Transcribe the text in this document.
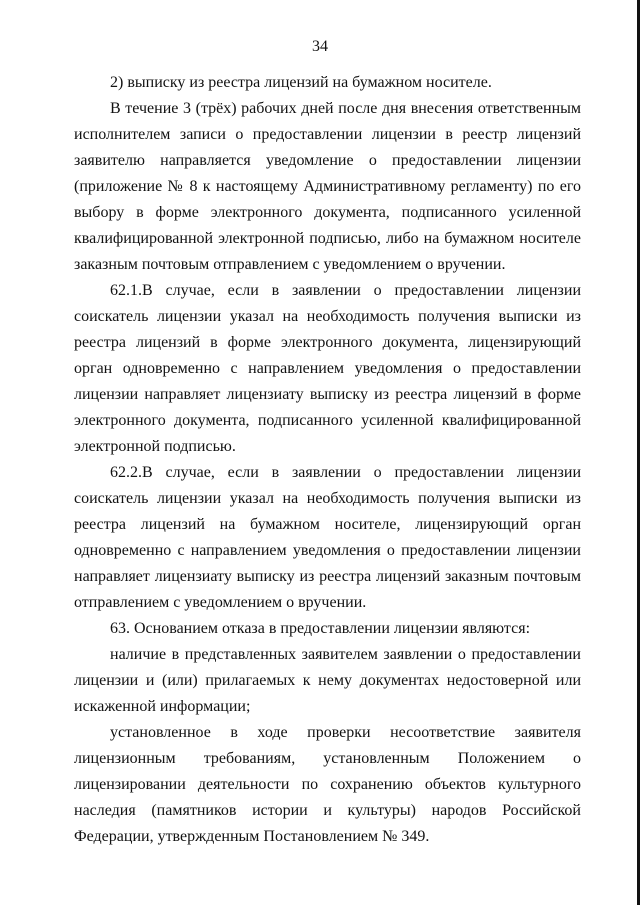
34

2) выписку из реестра лицензий на бумажном носителе.

В течение 3 (трёх) рабочих дней после дня внесения ответственным исполнителем записи о предоставлении лицензии в реестр лицензий заявителю направляется уведомление о предоставлении лицензии (приложение № 8 к настоящему Административному регламенту) по его выбору в форме электронного документа, подписанного усиленной квалифицированной электронной подписью, либо на бумажном носителе заказным почтовым отправлением с уведомлением о вручении.

62.1.В случае, если в заявлении о предоставлении лицензии соискатель лицензии указал на необходимость получения выписки из реестра лицензий в форме электронного документа, лицензирующий орган одновременно с направлением уведомления о предоставлении лицензии направляет лицензиату выписку из реестра лицензий в форме электронного документа, подписанного усиленной квалифицированной электронной подписью.

62.2.В случае, если в заявлении о предоставлении лицензии соискатель лицензии указал на необходимость получения выписки из реестра лицензий на бумажном носителе, лицензирующий орган одновременно с направлением уведомления о предоставлении лицензии направляет лицензиату выписку из реестра лицензий заказным почтовым отправлением с уведомлением о вручении.

63. Основанием отказа в предоставлении лицензии являются:

наличие в представленных заявителем заявлении о предоставлении лицензии и (или) прилагаемых к нему документах недостоверной или искаженной информации;

установленное в ходе проверки несоответствие заявителя лицензионным требованиям, установленным Положением о лицензировании деятельности по сохранению объектов культурного наследия (памятников истории и культуры) народов Российской Федерации, утвержденным Постановлением № 349.
